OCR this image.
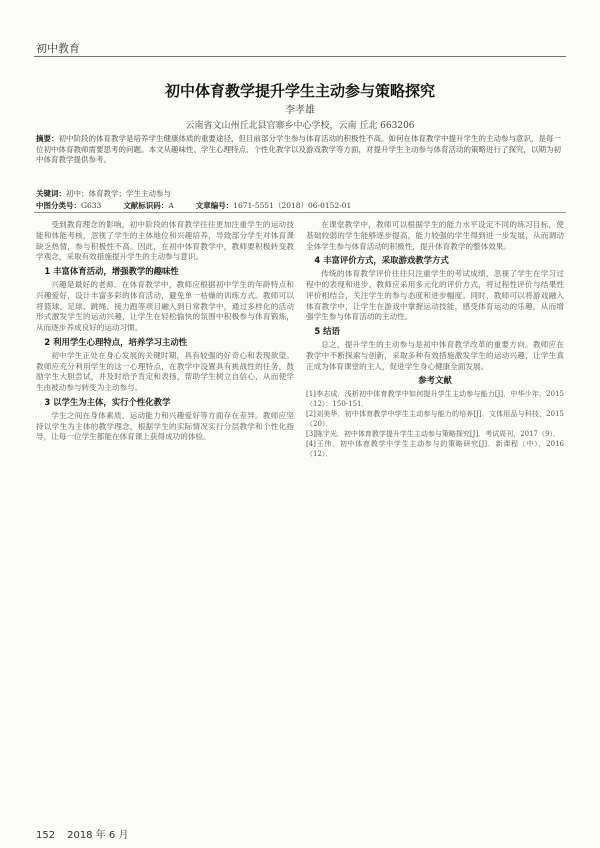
初中教育
初中体育教学提升学生主动参与策略探究
李孝雄
云南省文山州丘北县官寨乡中心学校，云南 丘北 663206
摘要：初中阶段的体育教学是培养学生健康体质的重要途径，但目前部分学生参与体育活动的积极性不高。如何在体育教学中提升学生的主动参与意识，是每一位初中体育教师需要思考的问题。本文从趣味性、学生心理特点、个性化教学以及游戏教学等方面，对提升学生主动参与体育活动的策略进行了探究，以期为初中体育教学提供参考。
关键词：初中；体育教学；学生主动参与
中图分类号：G633	文献标识码：A	文章编号：1671-5551（2018）06-0152-01

受到教育理念的影响，初中阶段的体育教学往往更加注重学生的运动技能和体能考核，忽视了学生的主体地位和兴趣培养，导致部分学生对体育课缺乏热情，参与积极性不高。因此，在初中体育教学中，教师要积极转变教学观念，采取有效措施提升学生的主动参与意识。

1 丰富体育活动，增强教学的趣味性

兴趣是最好的老师。在体育教学中，教师应根据初中学生的年龄特点和兴趣爱好，设计丰富多彩的体育活动，避免单一枯燥的训练方式。教师可以将篮球、足球、跳绳、接力跑等项目融入到日常教学中，通过多样化的活动形式激发学生的运动兴趣，让学生在轻松愉快的氛围中积极参与体育锻炼，从而逐步养成良好的运动习惯。

2 利用学生心理特点，培养学习主动性

初中学生正处在身心发展的关键时期，具有较强的好奇心和表现欲望。教师应充分利用学生的这一心理特点，在教学中设置具有挑战性的任务，鼓励学生大胆尝试，并及时给予肯定和表扬，帮助学生树立自信心，从而使学生由被动参与转变为主动参与。

3 以学生为主体，实行个性化教学

学生之间在身体素质、运动能力和兴趣爱好等方面存在差异。教师应坚持以学生为主体的教学理念，根据学生的实际情况实行分层教学和个性化指导，让每一位学生都能在体育课上获得成功的体验。

在课堂教学中，教师可以根据学生的能力水平设定不同的练习目标，使基础较弱的学生能够逐步提高，能力较强的学生得到进一步发展，从而调动全体学生参与体育活动的积极性，提升体育教学的整体效果。

4 丰富评价方式，采取游戏教学方式

传统的体育教学评价往往只注重学生的考试成绩，忽视了学生在学习过程中的表现和进步。教师应采用多元化的评价方式，将过程性评价与结果性评价相结合，关注学生的参与态度和进步幅度。同时，教师可以将游戏融入体育教学中，让学生在游戏中掌握运动技能，感受体育运动的乐趣，从而增强学生参与体育活动的主动性。

5 结语

总之，提升学生的主动参与是初中体育教学改革的重要方向。教师应在教学中不断探索与创新，采取多种有效措施激发学生的运动兴趣，让学生真正成为体育课堂的主人，促进学生身心健康全面发展。

参考文献
[1]李志成．浅析初中体育教学中如何提升学生主动参与能力[J]．中华少年，2015（12）：150-151．
[2]刘美华．初中体育教学中学生主动参与能力的培养[J]．文体用品与科技，2015（20）．
[3]陈宇光．初中体育教学提升学生主动参与策略探究[J]．考试周刊，2017（9）．
[4]王伟．初中体育教学中学生主动参与的策略研究[J]．新课程（中），2016（12）．
152 2018 年 6 月
